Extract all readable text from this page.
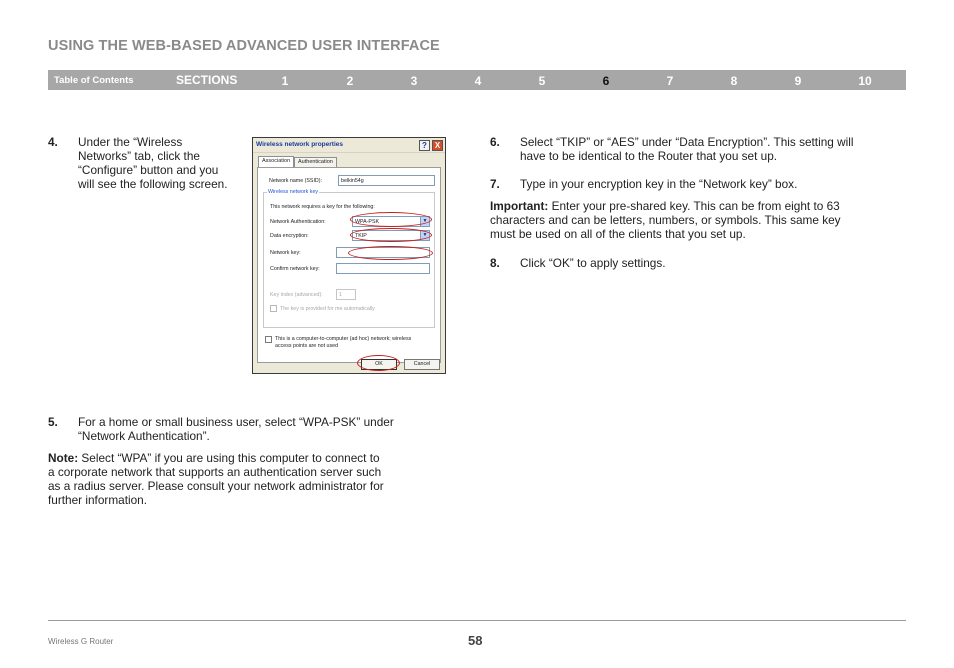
USING THE WEB-BASED ADVANCED USER INTERFACE
Table of Contents	SECTIONS	1	2	3	4	5	6	7	8	9	10
4. Under the “Wireless
Networks” tab, click the
“Configure” button and you
will see the following screen.
Wireless network properties	? X
Association	Authentication
Network name (SSID):	belkin54g
Wireless network key
This network requires a key for the following:
Network Authentication:	WPA-PSK	▼
Data encryption:	TKIP	▼
Network key:
Confirm network key:
Key index (advanced):	1
The key is provided for me automatically
This is a computer-to-computer (ad hoc) network; wireless
access points are not used
OK	Cancel
5. For a home or small business user, select “WPA-PSK” under
“Network Authentication”.
Note: Select “WPA” if you are using this computer to connect to
a corporate network that supports an authentication server such
as a radius server. Please consult your network administrator for
further information.
6. Select “TKIP” or “AES” under “Data Encryption”. This setting will
have to be identical to the Router that you set up.
7. Type in your encryption key in the “Network key” box.
Important: Enter your pre-shared key. This can be from eight to 63
characters and can be letters, numbers, or symbols. This same key
must be used on all of the clients that you set up.
8. Click “OK” to apply settings.
Wireless G Router	58
